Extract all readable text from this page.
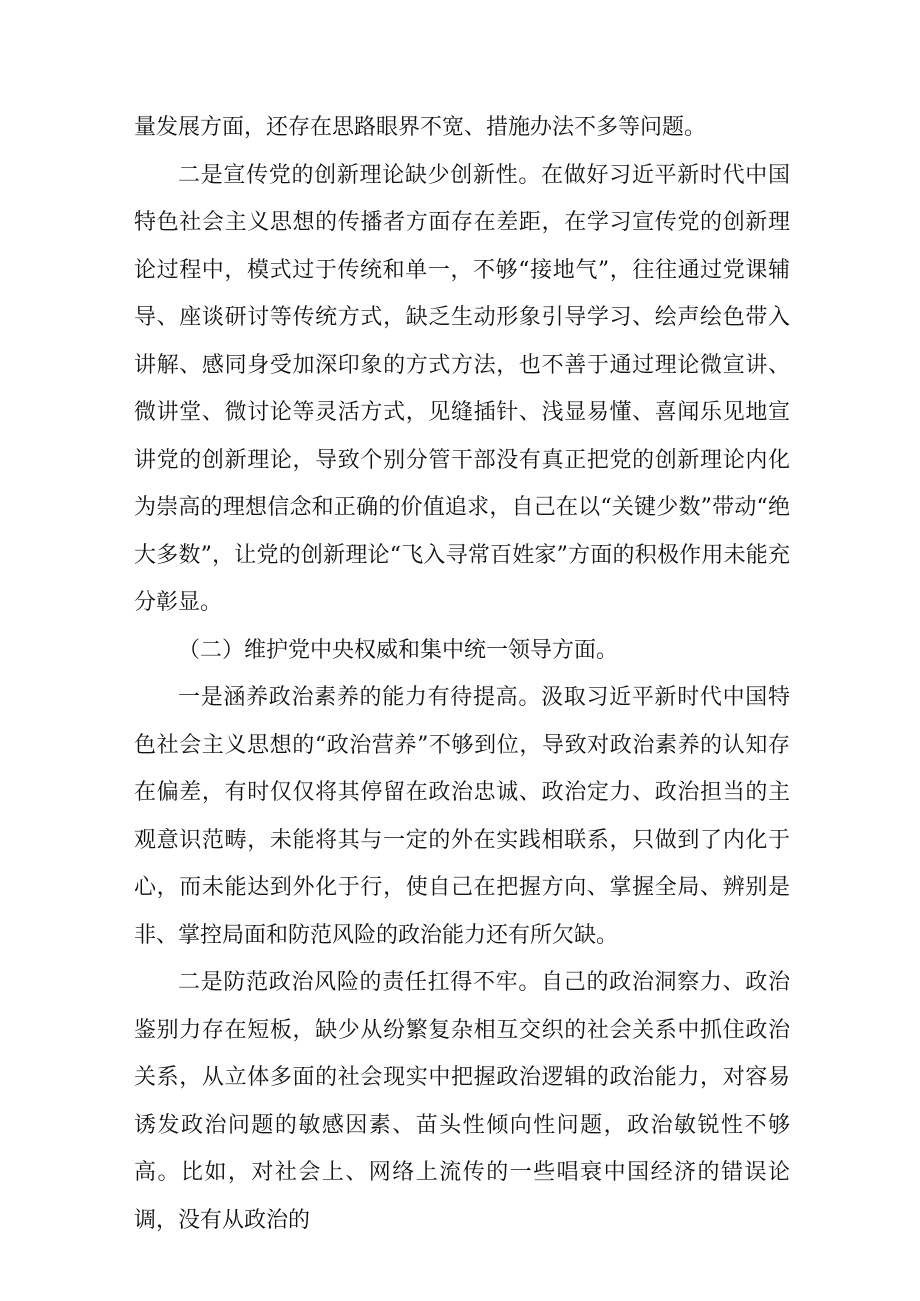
量发展方面，还存在思路眼界不宽、措施办法不多等问题。

二是宣传党的创新理论缺少创新性。在做好习近平新时代中国特色社会主义思想的传播者方面存在差距，在学习宣传党的创新理论过程中，模式过于传统和单一，不够“接地气”，往往通过党课辅导、座谈研讨等传统方式，缺乏生动形象引导学习、绘声绘色带入讲解、感同身受加深印象的方式方法，也不善于通过理论微宣讲、微讲堂、微讨论等灵活方式，见缝插针、浅显易懂、喜闻乐见地宣讲党的创新理论，导致个别分管干部没有真正把党的创新理论内化为崇高的理想信念和正确的价值追求，自己在以“关键少数”带动“绝大多数”，让党的创新理论“飞入寻常百姓家”方面的积极作用未能充分彰显。

（二）维护党中央权威和集中统一领导方面。

一是涵养政治素养的能力有待提高。汲取习近平新时代中国特色社会主义思想的“政治营养”不够到位，导致对政治素养的认知存在偏差，有时仅仅将其停留在政治忠诚、政治定力、政治担当的主观意识范畴，未能将其与一定的外在实践相联系，只做到了内化于心，而未能达到外化于行，使自己在把握方向、掌握全局、辨别是非、掌控局面和防范风险的政治能力还有所欠缺。

二是防范政治风险的责任扛得不牢。自己的政治洞察力、政治鉴别力存在短板，缺少从纷繁复杂相互交织的社会关系中抓住政治关系，从立体多面的社会现实中把握政治逻辑的政治能力，对容易诱发政治问题的敏感因素、苗头性倾向性问题，政治敏锐性不够高。比如，对社会上、网络上流传的一些唱衰中国经济的错误论调，没有从政治的
